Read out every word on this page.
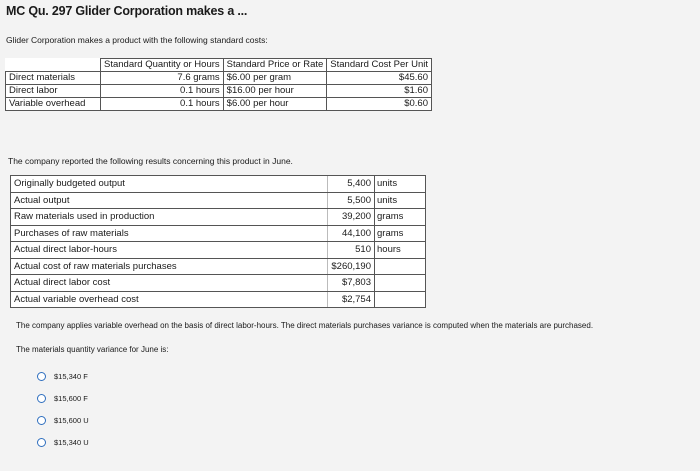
MC Qu. 297 Glider Corporation makes a ...
Glider Corporation makes a product with the following standard costs:
	Standard Quantity or Hours	Standard Price or Rate	Standard Cost Per Unit
Direct materials	7.6 grams	$6.00 per gram	$45.60
Direct labor	0.1 hours	$16.00 per hour	$1.60
Variable overhead	0.1 hours	$6.00 per hour	$0.60
The company reported the following results concerning this product in June.
Originally budgeted output	5,400	units
Actual output	5,500	units
Raw materials used in production	39,200	grams
Purchases of raw materials	44,100	grams
Actual direct labor-hours	510	hours
Actual cost of raw materials purchases	$260,190	
Actual direct labor cost	$7,803	
Actual variable overhead cost	$2,754	
The company applies variable overhead on the basis of direct labor-hours. The direct materials purchases variance is computed when the materials are purchased.
The materials quantity variance for June is:
$15,340 F
$15,600 F
$15,600 U
$15,340 U
